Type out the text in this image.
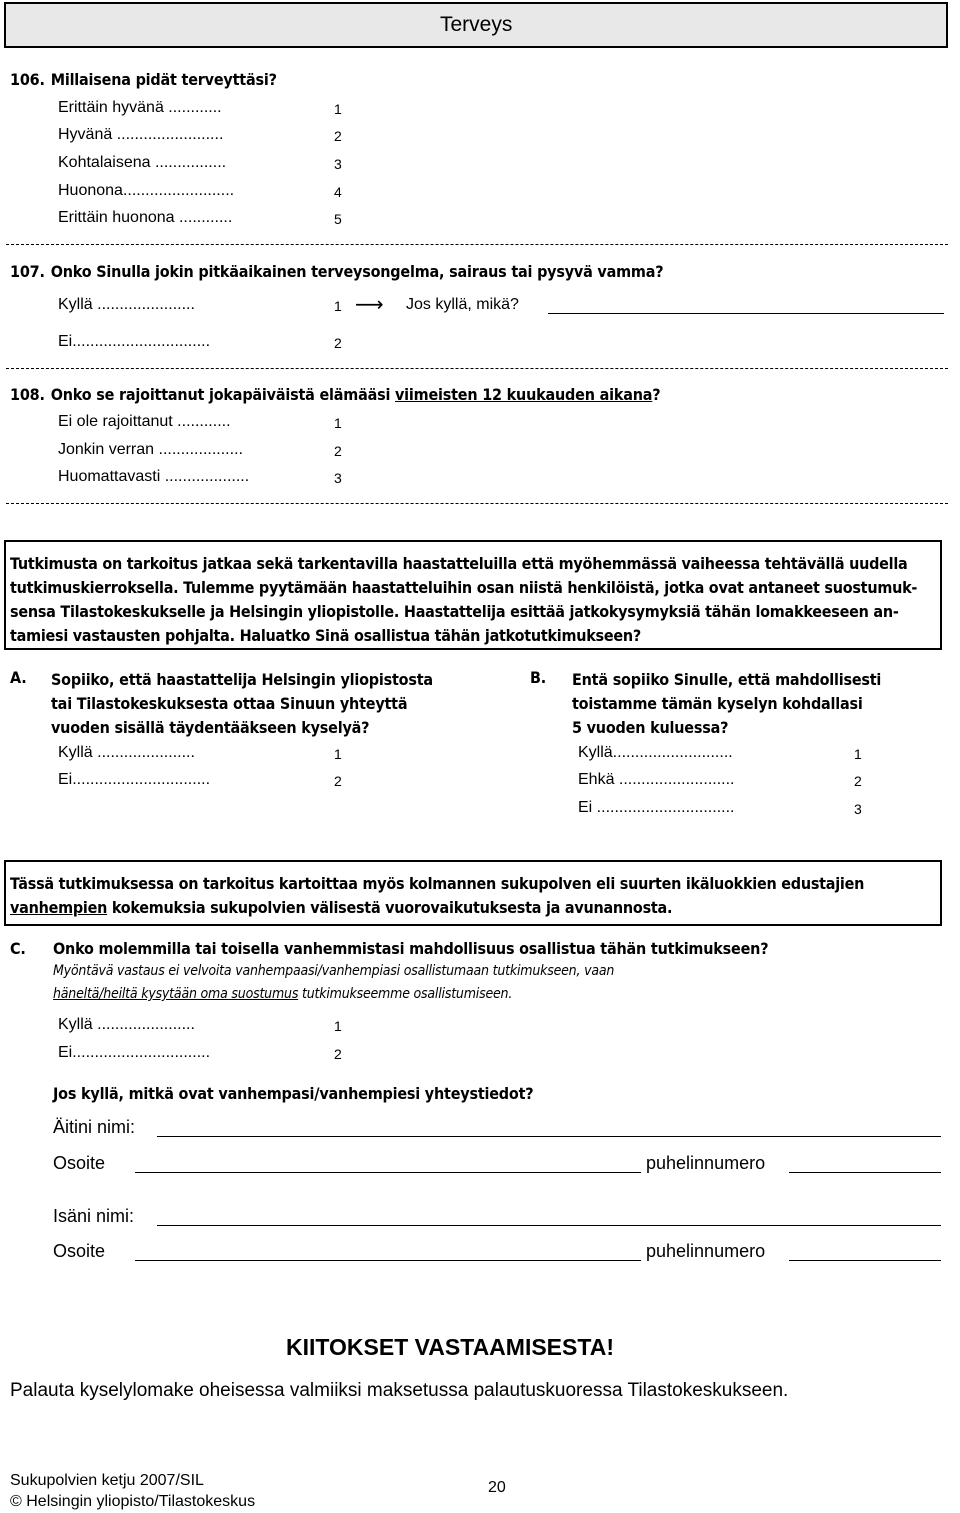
Terveys
106. Millaisena pidät terveyttäsi?
Erittäin hyvänä ............	1
Hyvänä ........................	2
Kohtalaisena ................	3
Huonona.........................	4
Erittäin huonona ............	5
107. Onko Sinulla jokin pitkäaikainen terveysongelma, sairaus tai pysyvä vamma?
Kyllä ......................	1 ⟶ Jos kyllä, mikä?
Ei...............................	2
108. Onko se rajoittanut jokapäiväistä elämääsi viimeisten 12 kuukauden aikana?
Ei ole rajoittanut ............	1
Jonkin verran ...................	2
Huomattavasti ...................	3
Tutkimusta on tarkoitus jatkaa sekä tarkentavilla haastatteluilla että myöhemmässä vaiheessa tehtävällä uudella
tutkimuskierroksella. Tulemme pyytämään haastatteluihin osan niistä henkilöistä, jotka ovat antaneet suostumuk-
sensa Tilastokeskukselle ja Helsingin yliopistolle. Haastattelija esittää jatkokysymyksiä tähän lomakkeeseen an-
tamiesi vastausten pohjalta. Haluatko Sinä osallistua tähän jatkotutkimukseen?
A. Sopiiko, että haastattelija Helsingin yliopistosta
tai Tilastokeskuksesta ottaa Sinuun yhteyttä
vuoden sisällä täydentääkseen kyselyä?
Kyllä ......................	1
Ei...............................	2
B. Entä sopiiko Sinulle, että mahdollisesti
toistamme tämän kyselyn kohdallasi
5 vuoden kuluessa?
Kyllä...........................	1
Ehkä ..........................	2
Ei ...............................	3
Tässä tutkimuksessa on tarkoitus kartoittaa myös kolmannen sukupolven eli suurten ikäluokkien edustajien
vanhempien kokemuksia sukupolvien välisestä vuorovaikutuksesta ja avunannosta.
C. Onko molemmilla tai toisella vanhemmistasi mahdollisuus osallistua tähän tutkimukseen?
Myöntävä vastaus ei velvoita vanhempaasi/vanhempiasi osallistumaan tutkimukseen, vaan
häneltä/heiltä kysytään oma suostumus tutkimukseemme osallistumiseen.
Kyllä ......................	1
Ei...............................	2
Jos kyllä, mitkä ovat vanhempasi/vanhempiesi yhteystiedot?
Äitini nimi:
Osoite	puhelinnumero
Isäni nimi:
Osoite	puhelinnumero
KIITOKSET VASTAAMISESTA!
Palauta kyselylomake oheisessa valmiiksi maksetussa palautuskuoressa Tilastokeskukseen.
Sukupolvien ketju 2007/SIL
© Helsingin yliopisto/Tilastokeskus
20
